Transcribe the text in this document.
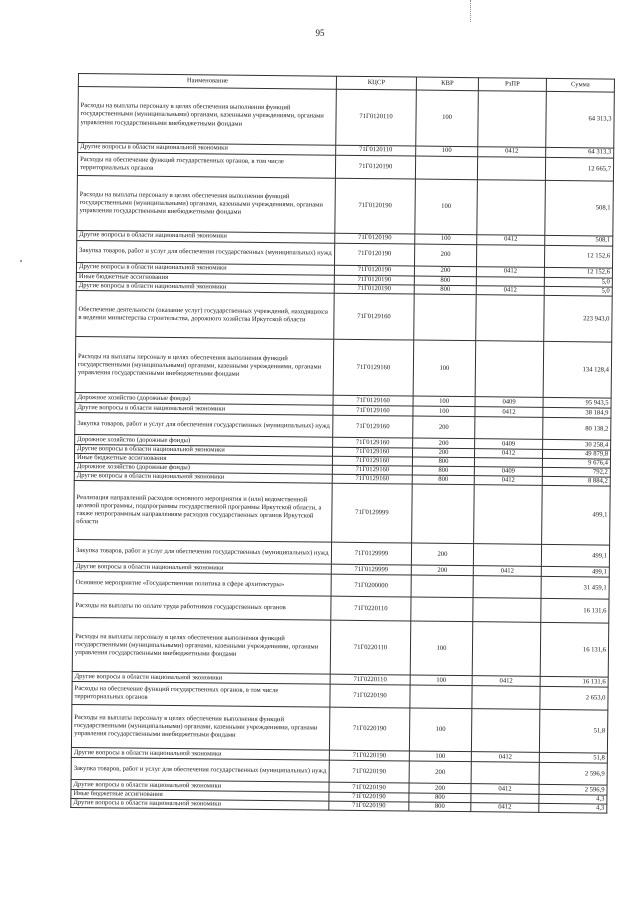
95
Наименование	КЦСР	КВР	РзПР	Сумма
Расходы на выплаты персоналу в целях обеспечения выполнения функций государственными (муниципальными) органами, казенными учреждениями, органами управления государственными внебюджетными фондами	71Г0120110	100		64 313,3
Другие вопросы в области национальной экономики	71Г0120110	100	0412	64 313,3
Расходы на обеспечение функций государственных органов, в том числе территориальных органов	71Г0120190			12 665,7
Расходы на выплаты персоналу в целях обеспечения выполнения функций государственными (муниципальными) органами, казенными учреждениями, органами управления государственными внебюджетными фондами	71Г0120190	100		508,1
Другие вопросы в области национальной экономики	71Г0120190	100	0412	508,1
Закупка товаров, работ и услуг для обеспечения государственных (муниципальных) нужд	71Г0120190	200		12 152,6
Другие вопросы в области национальной экономики	71Г0120190	200	0412	12 152,6
Иные бюджетные ассигнования	71Г0120190	800		5,0
Другие вопросы в области национальной экономики	71Г0120190	800	0412	5,0
Обеспечение деятельности (оказание услуг) государственных учреждений, находящихся в ведении министерства строительства, дорожного хозяйства Иркутской области	71Г0129160			223 943,0
Расходы на выплаты персоналу в целях обеспечения выполнения функций государственными (муниципальными) органами, казенными учреждениями, органами управления государственными внебюджетными фондами	71Г0129160	100		134 128,4
Дорожное хозяйство (дорожные фонды)	71Г0129160	100	0409	95 943,5
Другие вопросы в области национальной экономики	71Г0129160	100	0412	38 184,9
Закупка товаров, работ и услуг для обеспечения государственных (муниципальных) нужд	71Г0129160	200		80 138,2
Дорожное хозяйство (дорожные фонды)	71Г0129160	200	0409	30 258,4
Другие вопросы в области национальной экономики	71Г0129160	200	0412	49 879,8
Иные бюджетные ассигнования	71Г0129160	800		9 676,4
Дорожное хозяйство (дорожные фонды)	71Г0129160	800	0409	792,2
Другие вопросы в области национальной экономики	71Г0129160	800	0412	8 884,2
Реализация направлений расходов основного мероприятия и (или) ведомственной целевой программы, подпрограммы государственной программы Иркутской области, а также непрограммным направлениям расходов государственных органов Иркутской области	71Г0129999			499,1
Закупка товаров, работ и услуг для обеспечения государственных (муниципальных) нужд	71Г0129999	200		499,1
Другие вопросы в области национальной экономики	71Г0129999	200	0412	499,1
Основное мероприятие «Государственная политика в сфере архитектуры»	71Г0200000			31 459,1
Расходы на выплаты по оплате труда работников государственных органов	71Г0220110			16 131,6
Расходы на выплаты персоналу в целях обеспечения выполнения функций государственными (муниципальными) органами, казенными учреждениями, органами управления государственными внебюджетными фондами	71Г0220110	100		16 131,6
Другие вопросы в области национальной экономики	71Г0220110	100	0412	16 131,6
Расходы на обеспечение функций государственных органов, в том числе территориальных органов	71Г0220190			2 653,0
Расходы на выплаты персоналу в целях обеспечения выполнения функций государственными (муниципальными) органами, казенными учреждениями, органами управления государственными внебюджетными фондами	71Г0220190	100		51,8
Другие вопросы в области национальной экономики	71Г0220190	100	0412	51,8
Закупка товаров, работ и услуг для обеспечения государственных (муниципальных) нужд	71Г0220190	200		2 596,9
Другие вопросы в области национальной экономики	71Г0220190	200	0412	2 596,9
Иные бюджетные ассигнования	71Г0220190	800		4,3
Другие вопросы в области национальной экономики	71Г0220190	800	0412	4,3
